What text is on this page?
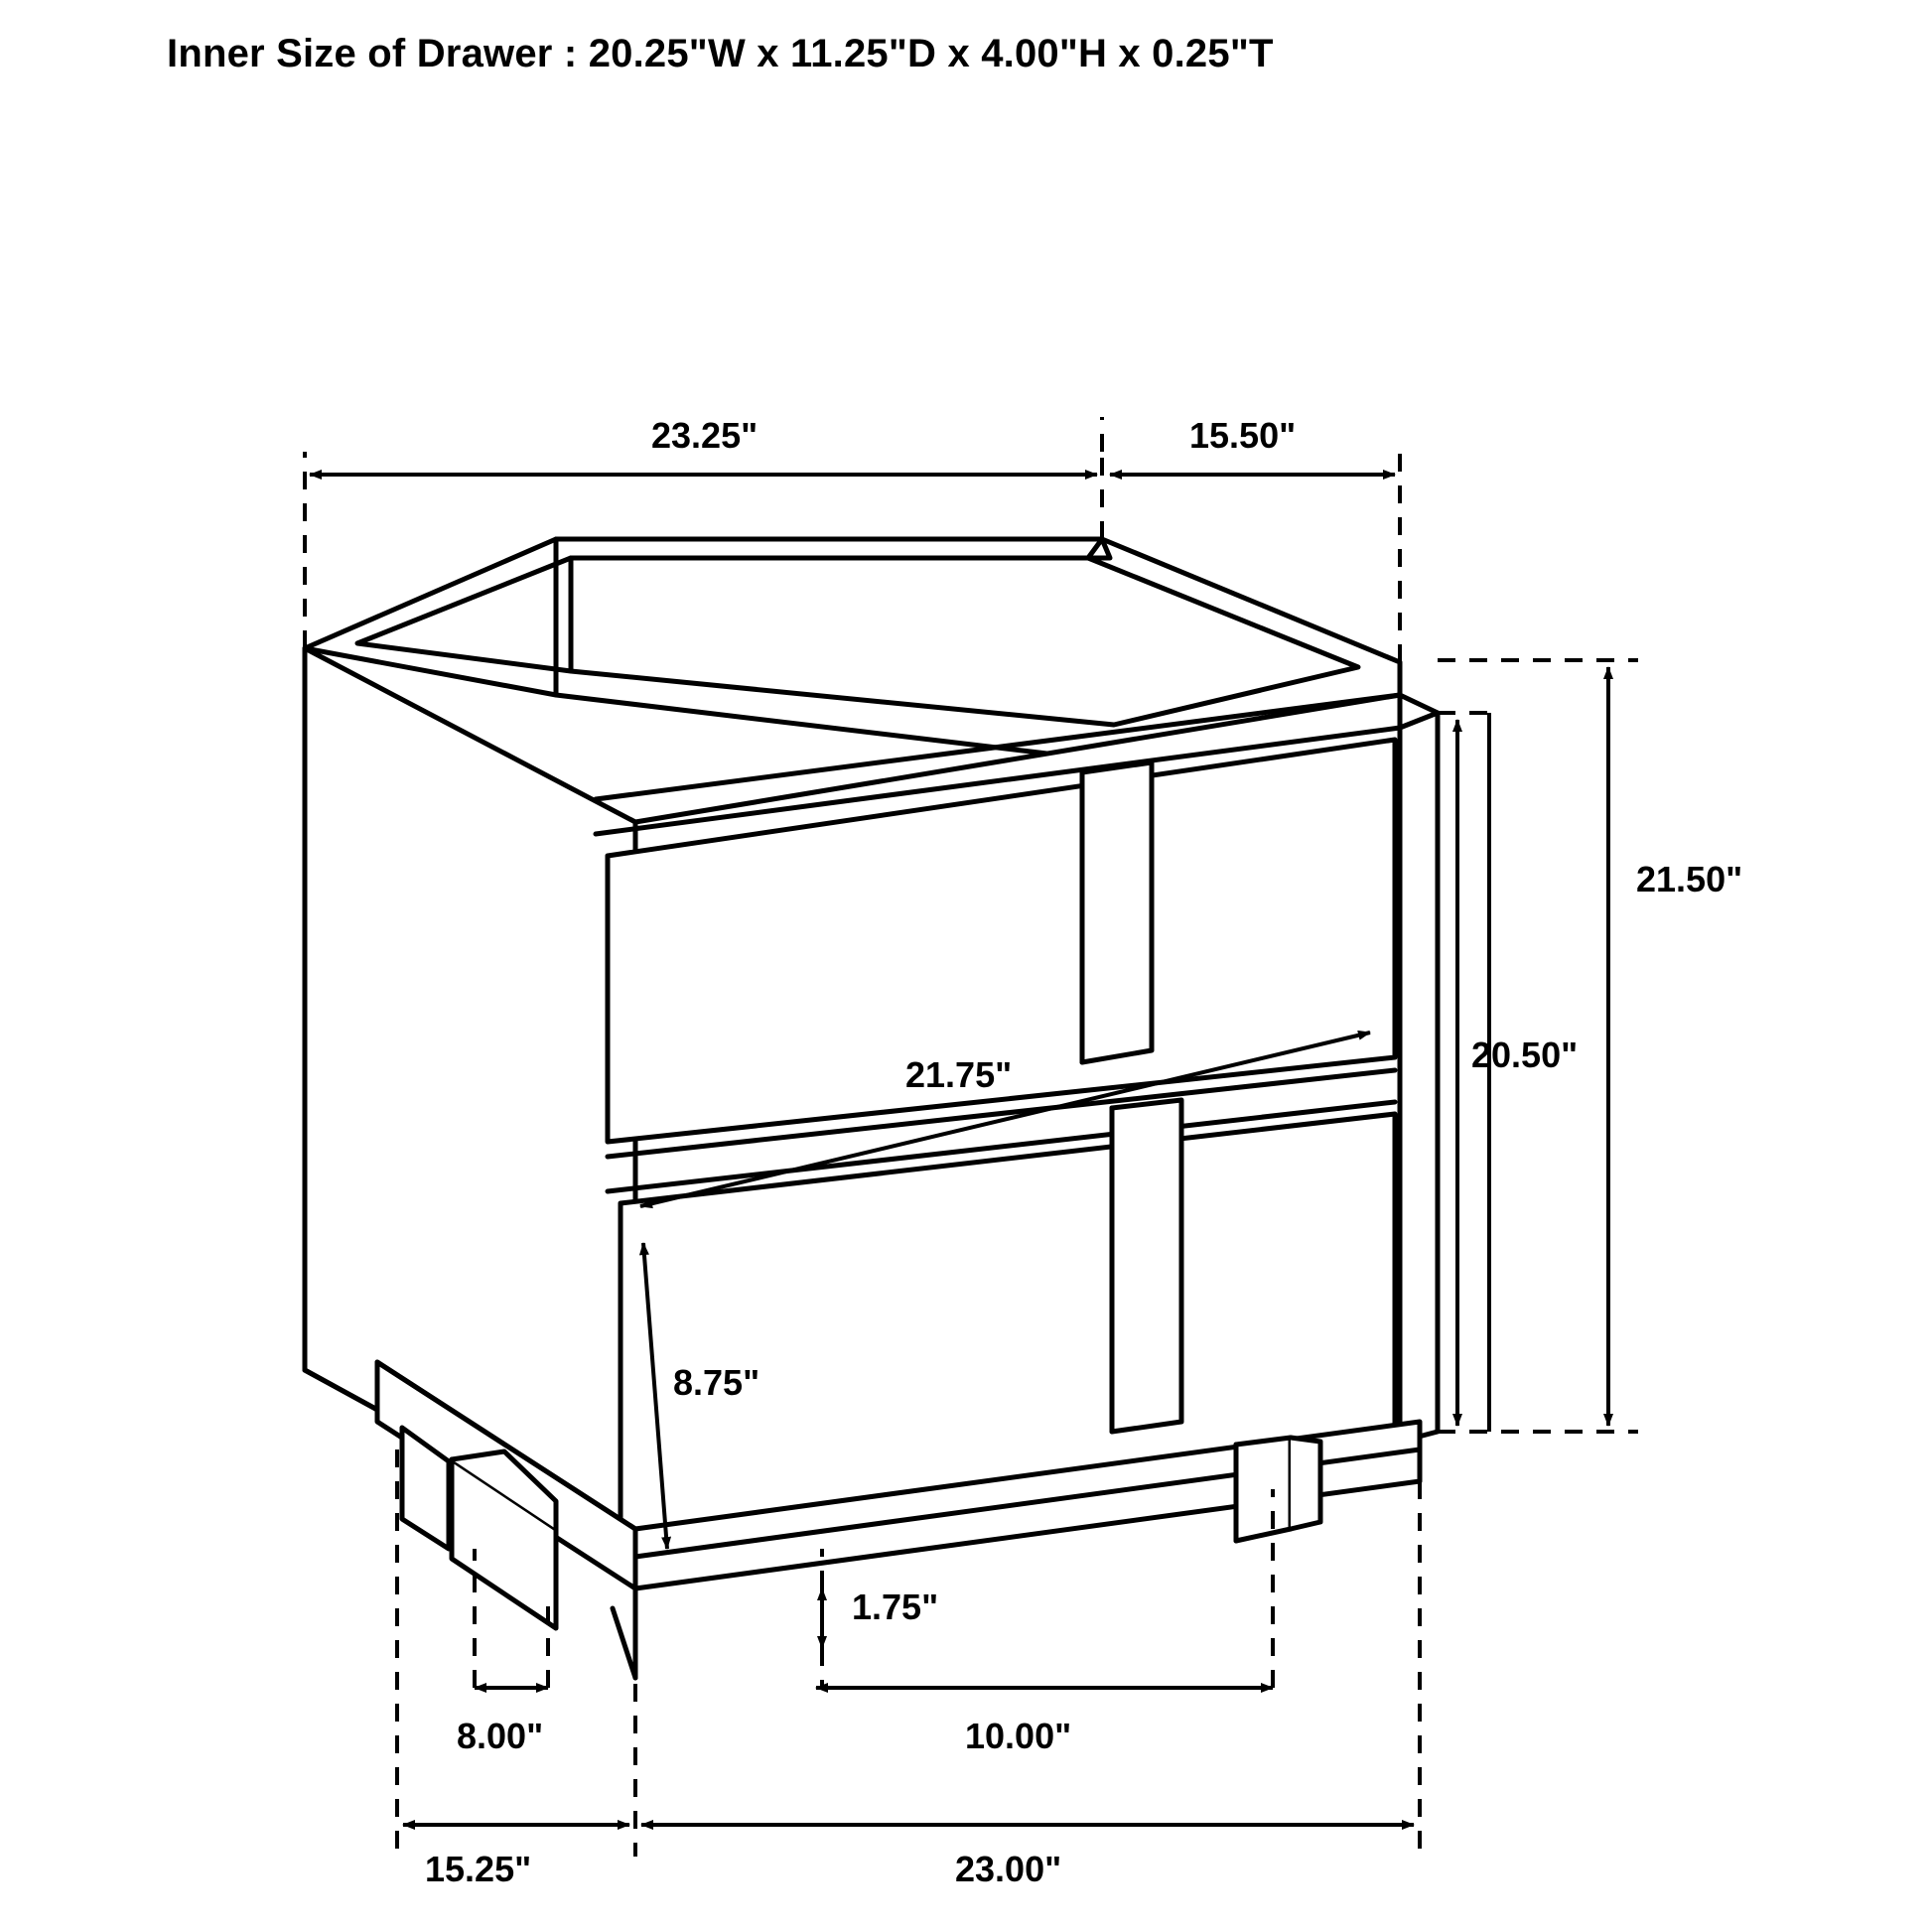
Inner Size of Drawer : 20.25"W x 11.25"D x 4.00"H x 0.25"T
23.25"	15.50"
21.50"
20.50"
21.75"
8.75"
1.75"
8.00"	10.00"
15.25"	23.00"
